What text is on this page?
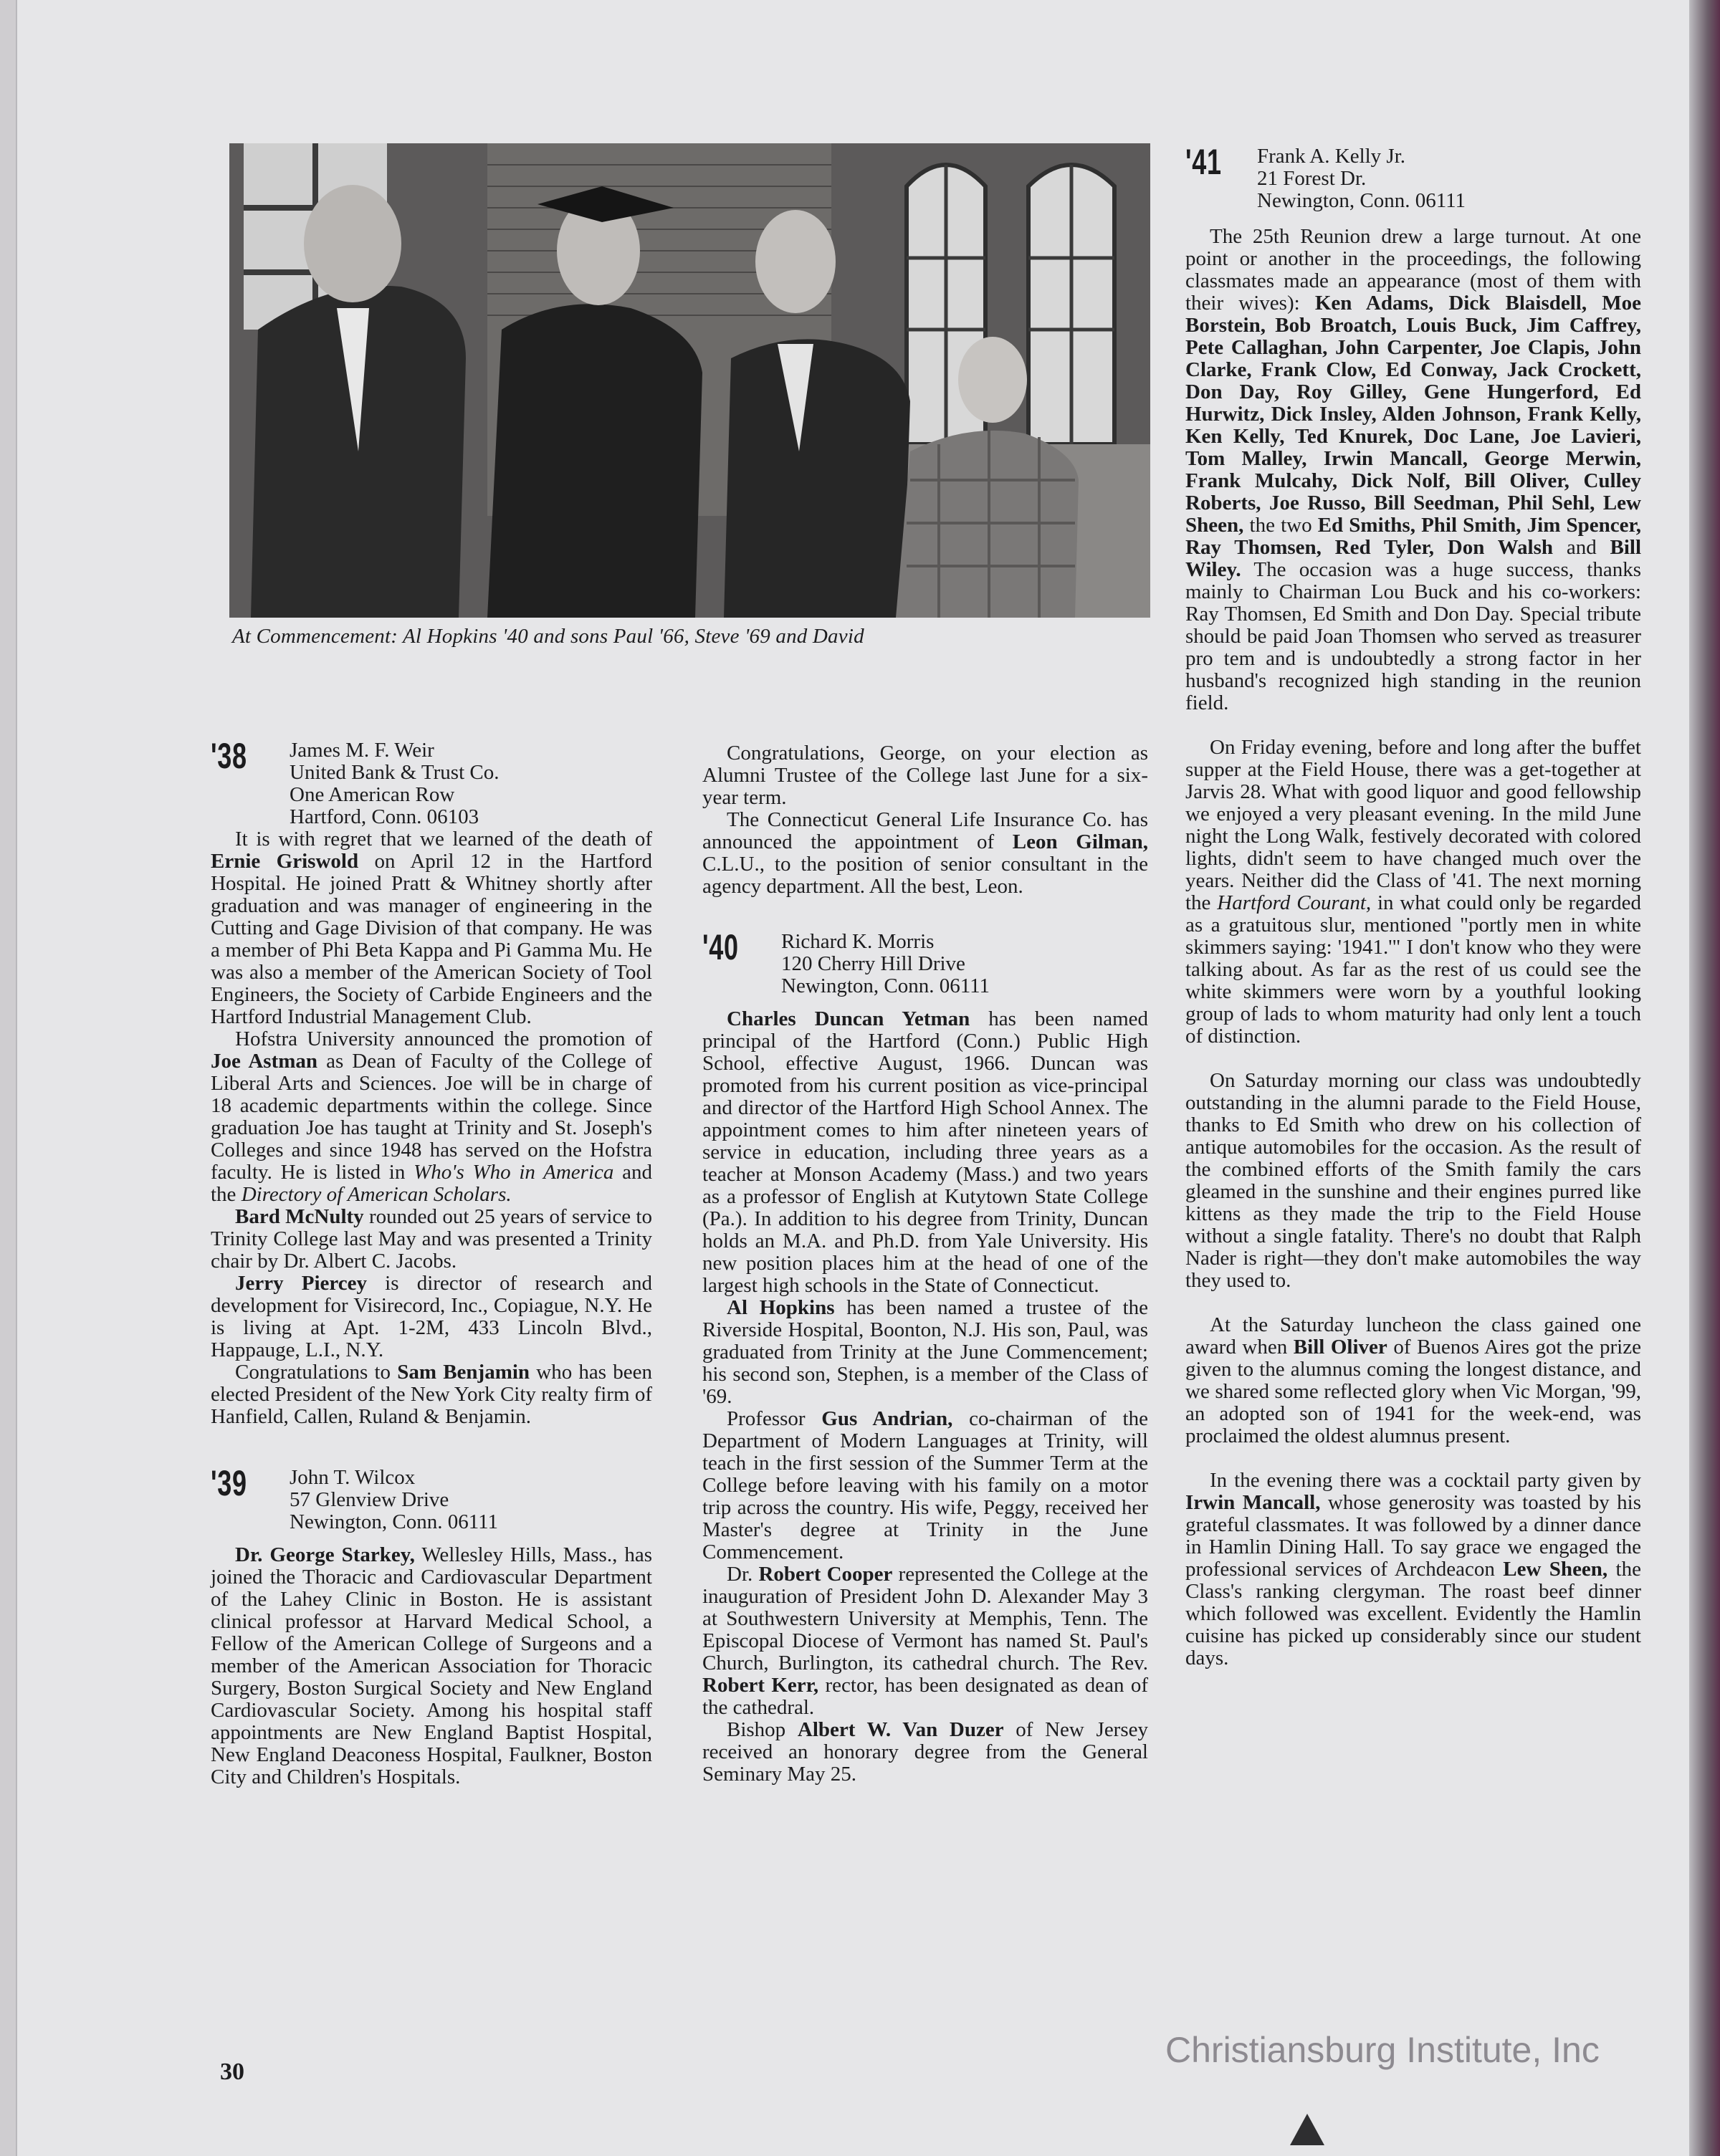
At Commencement: Al Hopkins '40 and sons Paul '66, Steve '69 and David
'38 James M. F. Weir
United Bank & Trust Co.
One American Row
Hartford, Conn. 06103

It is with regret that we learned of the death of Ernie Griswold on April 12 in the Hartford Hospital. He joined Pratt & Whitney shortly after graduation and was manager of engineering in the Cutting and Gage Division of that company. He was a member of Phi Beta Kappa and Pi Gamma Mu. He was also a member of the American Society of Tool Engineers, the Society of Carbide Engineers and the Hartford Industrial Management Club.

Hofstra University announced the promotion of Joe Astman as Dean of Faculty of the College of Liberal Arts and Sciences. Joe will be in charge of 18 academic departments within the college. Since graduation Joe has taught at Trinity and St. Joseph's Colleges and since 1948 has served on the Hofstra faculty. He is listed in Who's Who in America and the Directory of American Scholars.

Bard McNulty rounded out 25 years of service to Trinity College last May and was presented a Trinity chair by Dr. Albert C. Jacobs.

Jerry Piercey is director of research and development for Visirecord, Inc., Copiague, N.Y. He is living at Apt. 1-2M, 433 Lincoln Blvd., Happauge, L.I., N.Y.

Congratulations to Sam Benjamin who has been elected President of the New York City realty firm of Hanfield, Callen, Ruland & Benjamin.

'39 John T. Wilcox
57 Glenview Drive
Newington, Conn. 06111

Dr. George Starkey, Wellesley Hills, Mass., has joined the Thoracic and Cardiovascular Department of the Lahey Clinic in Boston. He is assistant clinical professor at Harvard Medical School, a Fellow of the American College of Surgeons and a member of the American Association for Thoracic Surgery, Boston Surgical Society and New England Cardiovascular Society. Among his hospital staff appointments are New England Baptist Hospital, New England Deaconess Hospital, Faulkner, Boston City and Children's Hospitals.

Congratulations, George, on your election as Alumni Trustee of the College last June for a six-year term.

The Connecticut General Life Insurance Co. has announced the appointment of Leon Gilman, C.L.U., to the position of senior consultant in the agency department. All the best, Leon.

'40 Richard K. Morris
120 Cherry Hill Drive
Newington, Conn. 06111

Charles Duncan Yetman has been named principal of the Hartford (Conn.) Public High School, effective August, 1966. Duncan was promoted from his current position as vice-principal and director of the Hartford High School Annex. The appointment comes to him after nineteen years of service in education, including three years as a teacher at Monson Academy (Mass.) and two years as a professor of English at Kutytown State College (Pa.). In addition to his degree from Trinity, Duncan holds an M.A. and Ph.D. from Yale University. His new position places him at the head of one of the largest high schools in the State of Connecticut.

Al Hopkins has been named a trustee of the Riverside Hospital, Boonton, N.J. His son, Paul, was graduated from Trinity at the June Commencement; his second son, Stephen, is a member of the Class of '69.

Professor Gus Andrian, co-chairman of the Department of Modern Languages at Trinity, will teach in the first session of the Summer Term at the College before leaving with his family on a motor trip across the country. His wife, Peggy, received her Master's degree at Trinity in the June Commencement.

Dr. Robert Cooper represented the College at the inauguration of President John D. Alexander May 3 at Southwestern University at Memphis, Tenn. The Episcopal Diocese of Vermont has named St. Paul's Church, Burlington, its cathedral church. The Rev. Robert Kerr, rector, has been designated as dean of the cathedral.

Bishop Albert W. Van Duzer of New Jersey received an honorary degree from the General Seminary May 25.

'41 Frank A. Kelly Jr.
21 Forest Dr.
Newington, Conn. 06111

The 25th Reunion drew a large turnout. At one point or another in the proceedings, the following classmates made an appearance (most of them with their wives): Ken Adams, Dick Blaisdell, Moe Borstein, Bob Broatch, Louis Buck, Jim Caffrey, Pete Callaghan, John Carpenter, Joe Clapis, John Clarke, Frank Clow, Ed Conway, Jack Crockett, Don Day, Roy Gilley, Gene Hungerford, Ed Hurwitz, Dick Insley, Alden Johnson, Frank Kelly, Ken Kelly, Ted Knurek, Doc Lane, Joe Lavieri, Tom Malley, Irwin Mancall, George Merwin, Frank Mulcahy, Dick Nolf, Bill Oliver, Culley Roberts, Joe Russo, Bill Seedman, Phil Sehl, Lew Sheen, the two Ed Smiths, Phil Smith, Jim Spencer, Ray Thomsen, Red Tyler, Don Walsh and Bill Wiley. The occasion was a huge success, thanks mainly to Chairman Lou Buck and his co-workers: Ray Thomsen, Ed Smith and Don Day. Special tribute should be paid Joan Thomsen who served as treasurer pro tem and is undoubtedly a strong factor in her husband's recognized high standing in the reunion field.

On Friday evening, before and long after the buffet supper at the Field House, there was a get-together at Jarvis 28. What with good liquor and good fellowship we enjoyed a very pleasant evening. In the mild June night the Long Walk, festively decorated with colored lights, didn't seem to have changed much over the years. Neither did the Class of '41. The next morning the Hartford Courant, in what could only be regarded as a gratuitous slur, mentioned "portly men in white skimmers saying: '1941.'" I don't know who they were talking about. As far as the rest of us could see the white skimmers were worn by a youthful looking group of lads to whom maturity had only lent a touch of distinction.

On Saturday morning our class was undoubtedly outstanding in the alumni parade to the Field House, thanks to Ed Smith who drew on his collection of antique automobiles for the occasion. As the result of the combined efforts of the Smith family the cars gleamed in the sunshine and their engines purred like kittens as they made the trip to the Field House without a single fatality. There's no doubt that Ralph Nader is right—they don't make automobiles the way they used to.

At the Saturday luncheon the class gained one award when Bill Oliver of Buenos Aires got the prize given to the alumnus coming the longest distance, and we shared some reflected glory when Vic Morgan, '99, an adopted son of 1941 for the week-end, was proclaimed the oldest alumnus present.

In the evening there was a cocktail party given by Irwin Mancall, whose generosity was toasted by his grateful classmates. It was followed by a dinner dance in Hamlin Dining Hall. To say grace we engaged the professional services of Archdeacon Lew Sheen, the Class's ranking clergyman. The roast beef dinner which followed was excellent. Evidently the Hamlin cuisine has picked up considerably since our student days.

30
Christiansburg Institute, Inc
